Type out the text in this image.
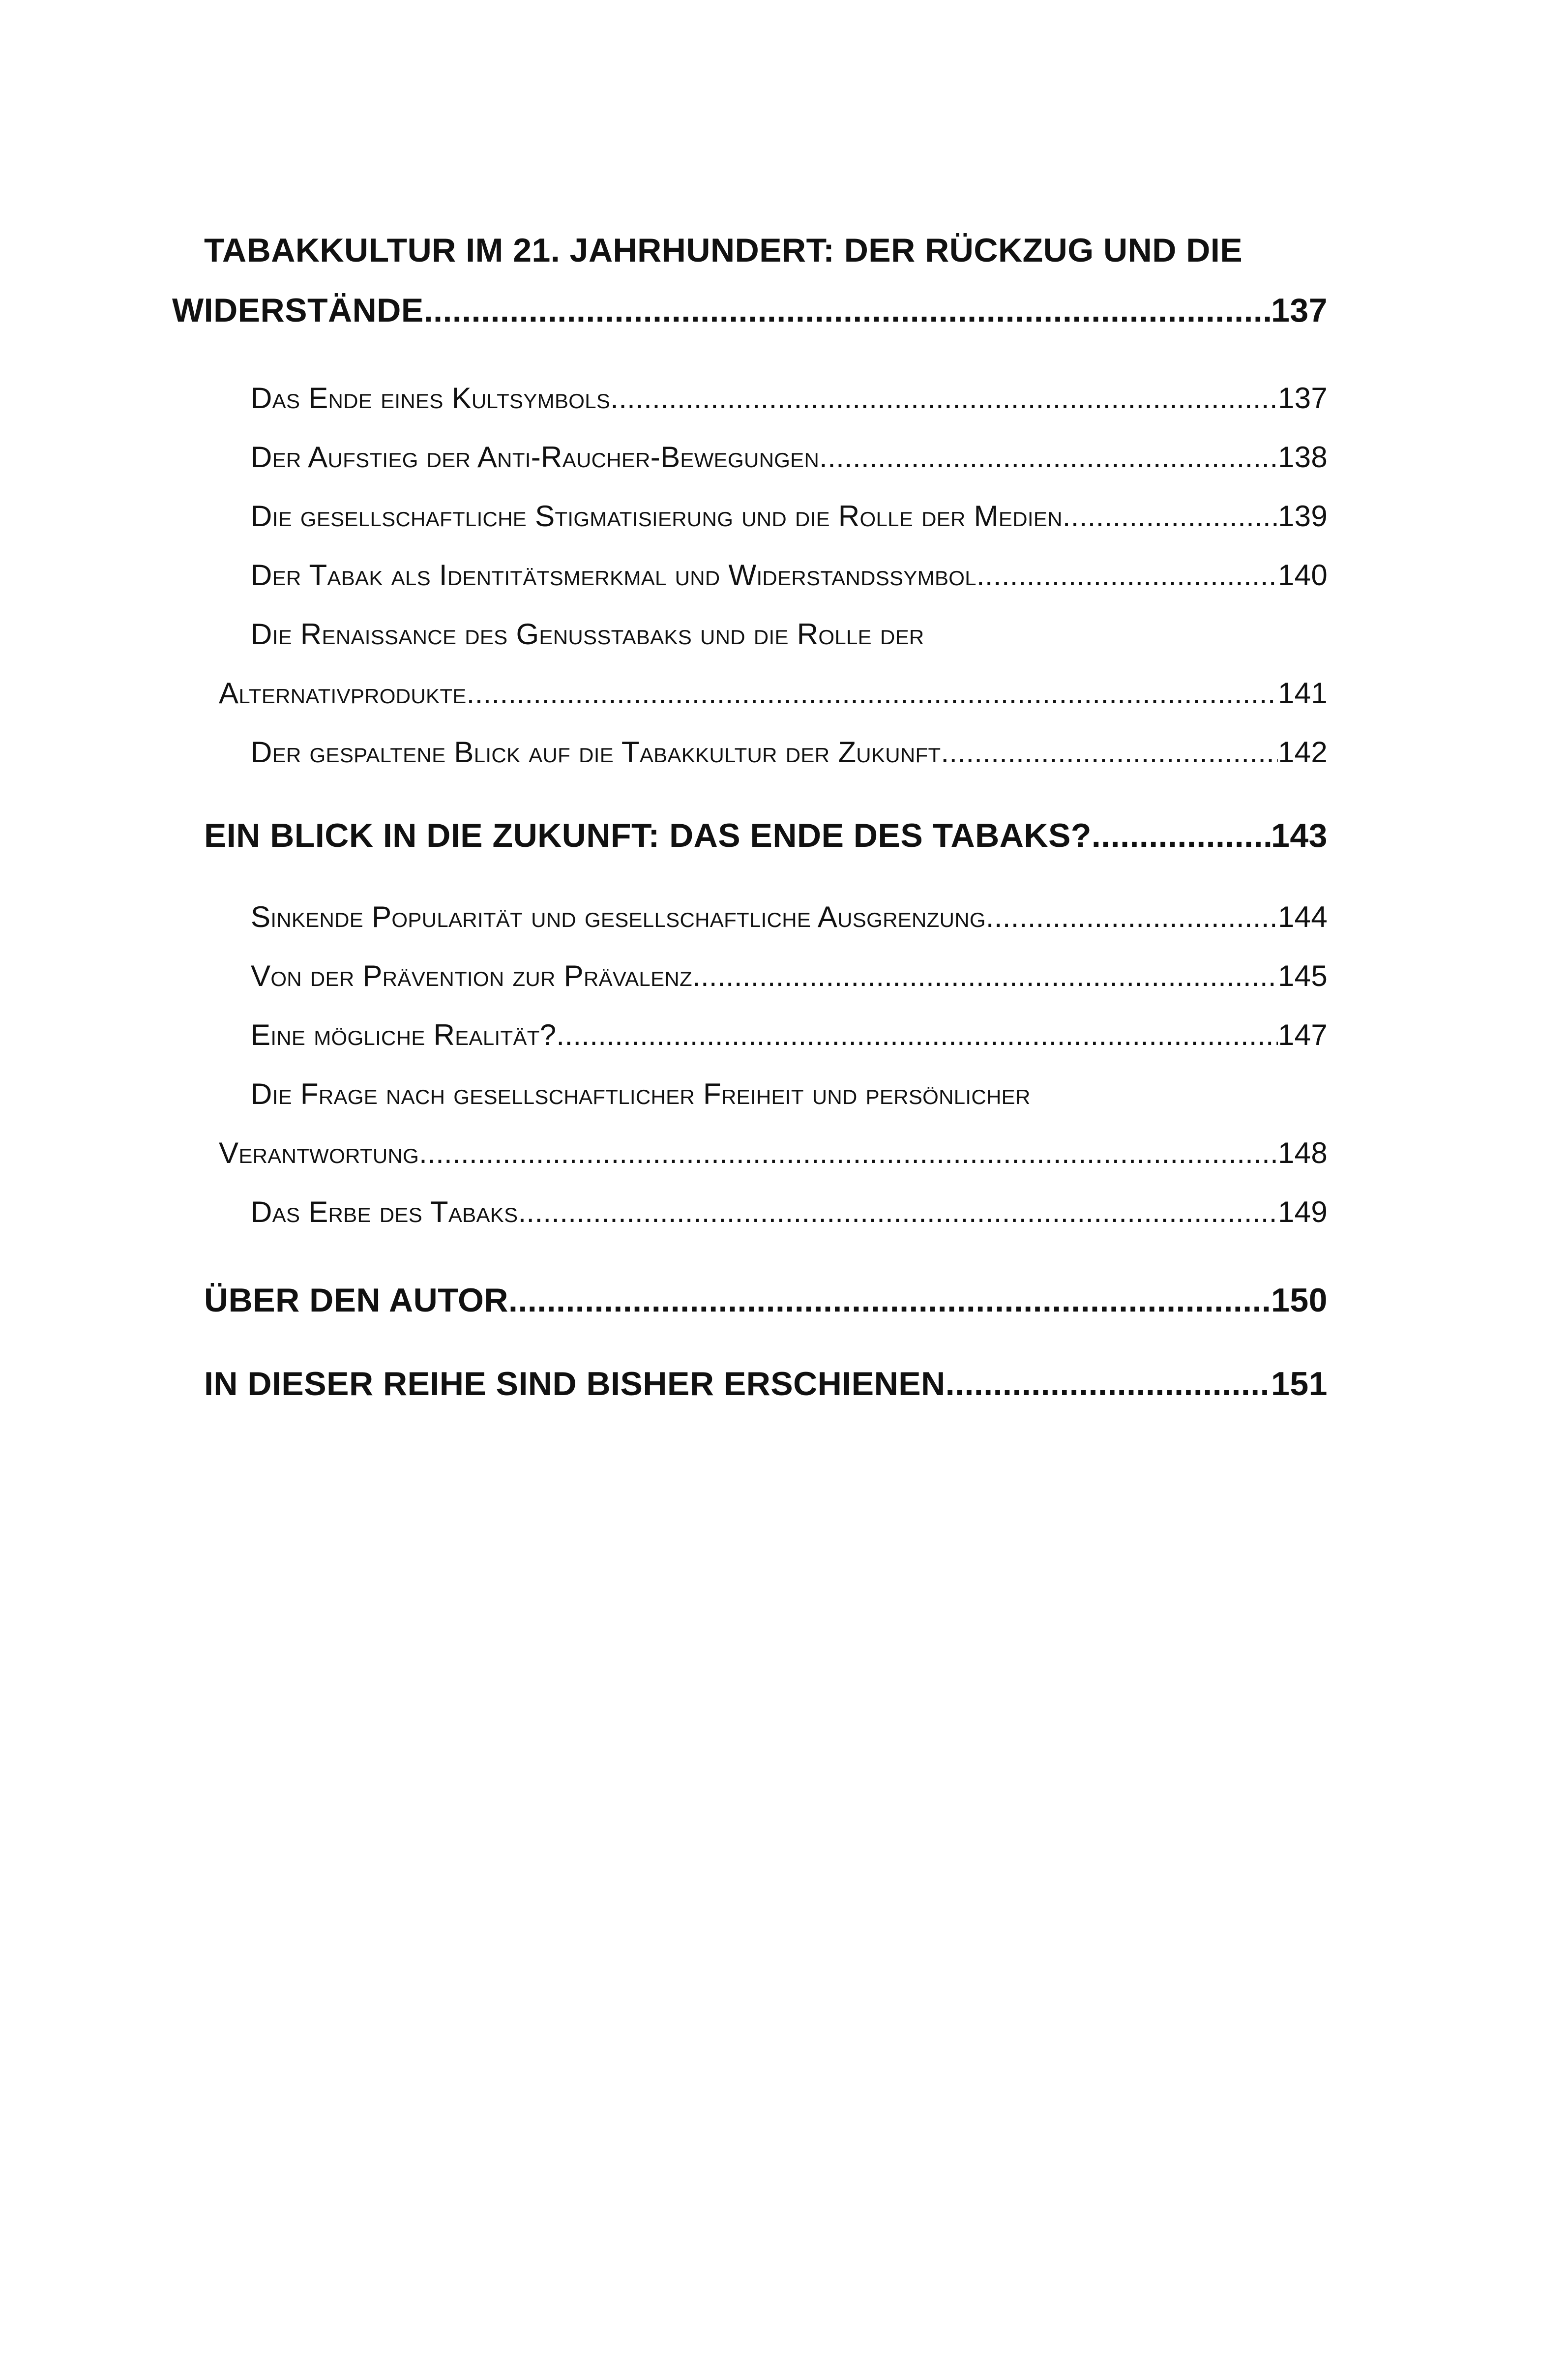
TABAKKULTUR IM 21. JAHRHUNDERT: DER RÜCKZUG UND DIE
WIDERSTÄNDE .....	137
Das Ende eines Kultsymbols .....	137
Der Aufstieg der Anti-Raucher-Bewegungen .....	138
Die gesellschaftliche Stigmatisierung und die Rolle der Medien .....	139
Der Tabak als Identitätsmerkmal und Widerstandssymbol .....	140
Die Renaissance des Genusstabaks und die Rolle der
Alternativprodukte .....	141
Der gespaltene Blick auf die Tabakkultur der Zukunft .....	142
EIN BLICK IN DIE ZUKUNFT: DAS ENDE DES TABAKS? .....	143
Sinkende Popularität und gesellschaftliche Ausgrenzung .....	144
Von der Prävention zur Prävalenz .....	145
Eine mögliche Realität? .....	147
Die Frage nach gesellschaftlicher Freiheit und persönlicher
Verantwortung .....	148
Das Erbe des Tabaks .....	149
ÜBER DEN AUTOR .....	150
IN DIESER REIHE SIND BISHER ERSCHIENEN .....	151
